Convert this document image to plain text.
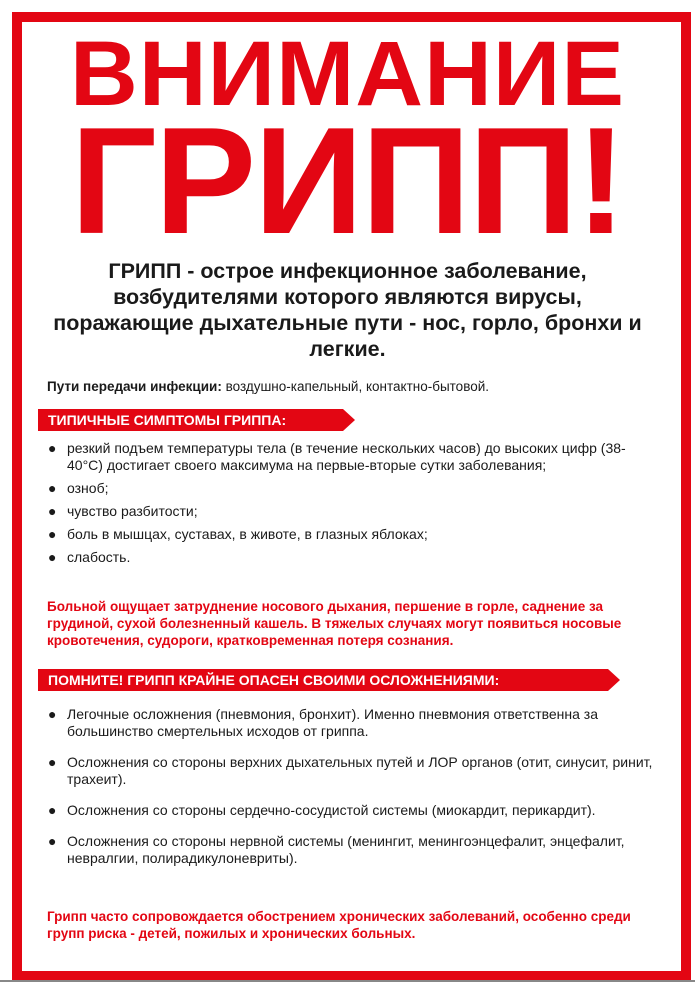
ВНИМАНИЕ
ГРИПП!
ГРИПП - острое инфекционное заболевание, возбудителями которого являются вирусы, поражающие дыхательные пути - нос, горло, бронхи и легкие.
Пути передачи инфекции: воздушно-капельный, контактно-бытовой.
ТИПИЧНЫЕ СИМПТОМЫ ГРИППА:
● резкий подъем температуры тела (в течение нескольких часов) до высоких цифр (38-40°С) достигает своего максимума на первые-вторые сутки заболевания;
● озноб;
● чувство разбитости;
● боль в мышцах, суставах, в животе, в глазных яблоках;
● слабость.
Больной ощущает затруднение носового дыхания, першение в горле, саднение за грудиной, сухой болезненный кашель. В тяжелых случаях могут появиться носовые кровотечения, судороги, кратковременная потеря сознания.
ПОМНИТЕ! ГРИПП КРАЙНЕ ОПАСЕН СВОИМИ ОСЛОЖНЕНИЯМИ:
● Легочные осложнения (пневмония, бронхит). Именно пневмония ответственна за большинство смертельных исходов от гриппа.
● Осложнения со стороны верхних дыхательных путей и ЛОР органов (отит, синусит, ринит, трахеит).
● Осложнения со стороны сердечно-сосудистой системы (миокардит, перикардит).
● Осложнения со стороны нервной системы (менингит, менингоэнцефалит, энцефалит, невралгии, полирадикулоневриты).
Грипп часто сопровождается обострением хронических заболеваний, особенно среди групп риска - детей, пожилых и хронических больных.
